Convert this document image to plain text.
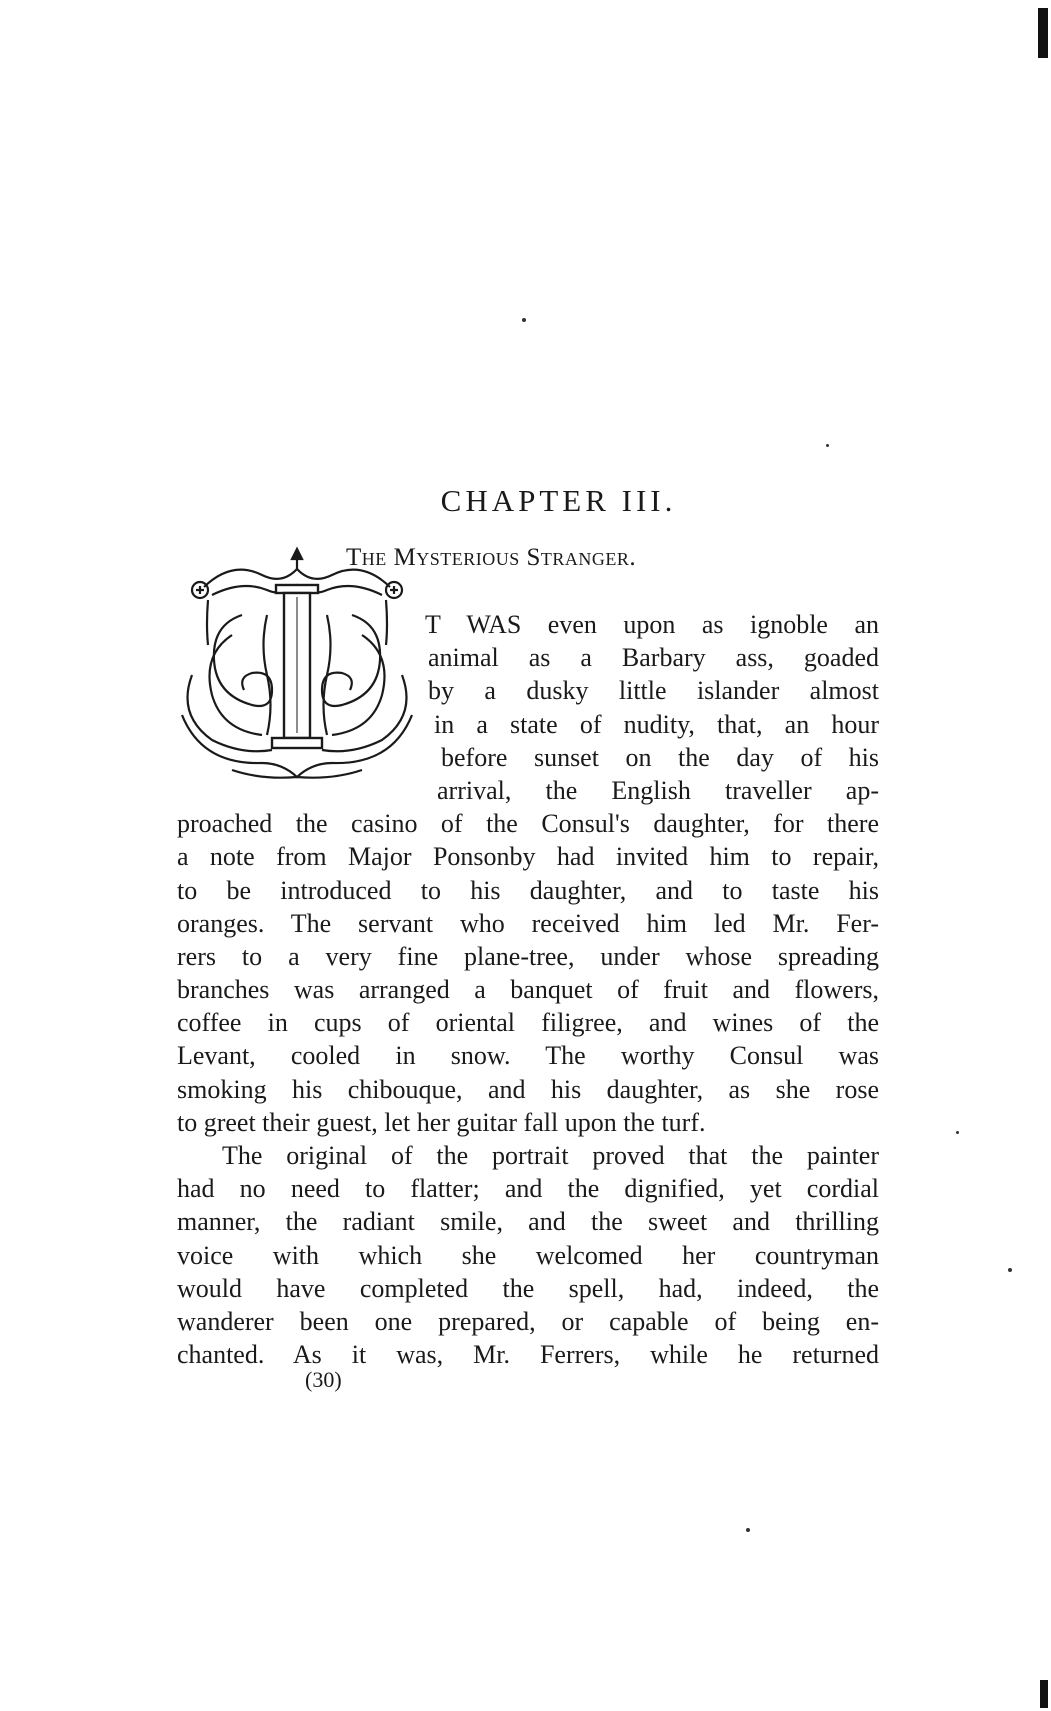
CHAPTER III.
The Mysterious Stranger.
T WAS even upon as ignoble an
animal as a Barbary ass, goaded
by a dusky little islander almost
in a state of nudity, that, an hour
before sunset on the day of his
arrival, the English traveller ap-
proached the casino of the Consul's daughter, for there
a note from Major Ponsonby had invited him to repair,
to be introduced to his daughter, and to taste his
oranges. The servant who received him led Mr. Fer-
rers to a very fine plane-tree, under whose spreading
branches was arranged a banquet of fruit and flowers,
coffee in cups of oriental filigree, and wines of the
Levant, cooled in snow. The worthy Consul was
smoking his chibouque, and his daughter, as she rose
to greet their guest, let her guitar fall upon the turf.
The original of the portrait proved that the painter
had no need to flatter; and the dignified, yet cordial
manner, the radiant smile, and the sweet and thrilling
voice with which she welcomed her countryman
would have completed the spell, had, indeed, the
wanderer been one prepared, or capable of being en-
chanted. As it was, Mr. Ferrers, while he returned
(30)
